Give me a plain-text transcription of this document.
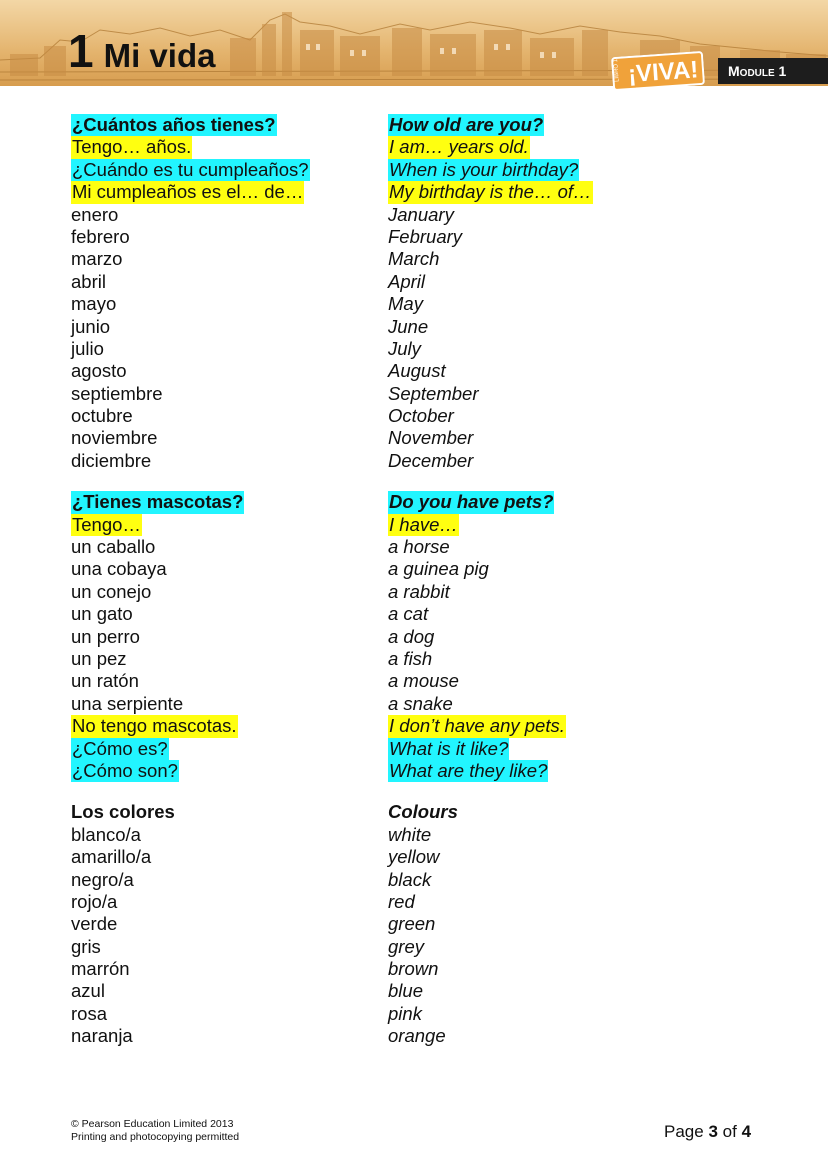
1 Mi vida	LIBRO 1 ¡VIVA!	Module 1
¿Cuántos años tienes?	How old are you?
Tengo… años.	I am… years old.
¿Cuándo es tu cumpleaños?	When is your birthday?
Mi cumpleaños es el… de…	My birthday is the… of…
enero	January
febrero	February
marzo	March
abril	April
mayo	May
junio	June
julio	July
agosto	August
septiembre	September
octubre	October
noviembre	November
diciembre	December
¿Tienes mascotas?	Do you have pets?
Tengo…	I have…
un caballo	a horse
una cobaya	a guinea pig
un conejo	a rabbit
un gato	a cat
un perro	a dog
un pez	a fish
un ratón	a mouse
una serpiente	a snake
No tengo mascotas.	I don’t have any pets.
¿Cómo es?	What is it like?
¿Cómo son?	What are they like?
Los colores	Colours
blanco/a	white
amarillo/a	yellow
negro/a	black
rojo/a	red
verde	green
gris	grey
marrón	brown
azul	blue
rosa	pink
naranja	orange
© Pearson Education Limited 2013
Printing and photocopying permitted	Page 3 of 4
